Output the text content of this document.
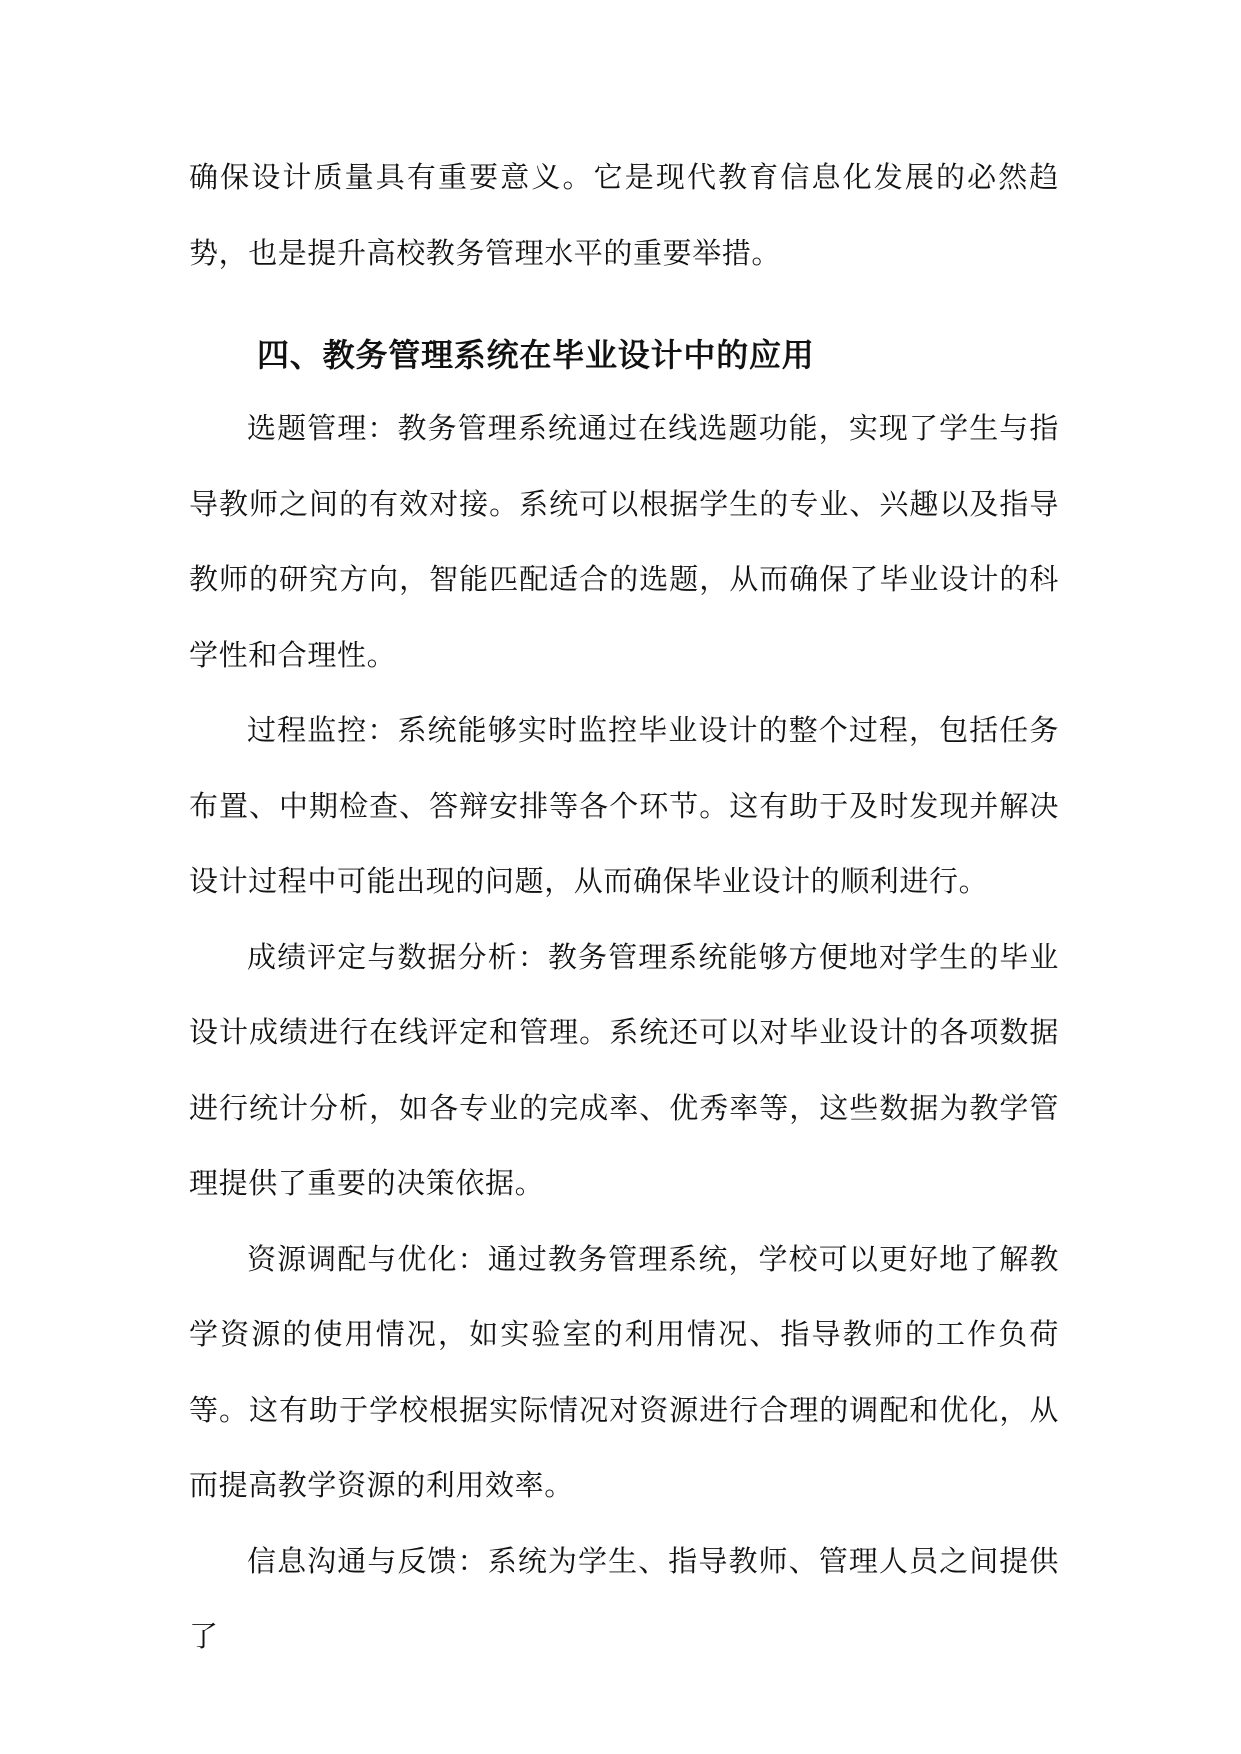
确保设计质量具有重要意义。它是现代教育信息化发展的必然趋势，也是提升高校教务管理水平的重要举措。

四、教务管理系统在毕业设计中的应用

选题管理：教务管理系统通过在线选题功能，实现了学生与指导教师之间的有效对接。系统可以根据学生的专业、兴趣以及指导教师的研究方向，智能匹配适合的选题，从而确保了毕业设计的科学性和合理性。

过程监控：系统能够实时监控毕业设计的整个过程，包括任务布置、中期检查、答辩安排等各个环节。这有助于及时发现并解决设计过程中可能出现的问题，从而确保毕业设计的顺利进行。

成绩评定与数据分析：教务管理系统能够方便地对学生的毕业设计成绩进行在线评定和管理。系统还可以对毕业设计的各项数据进行统计分析，如各专业的完成率、优秀率等，这些数据为教学管理提供了重要的决策依据。

资源调配与优化：通过教务管理系统，学校可以更好地了解教学资源的使用情况，如实验室的利用情况、指导教师的工作负荷等。这有助于学校根据实际情况对资源进行合理的调配和优化，从而提高教学资源的利用效率。

信息沟通与反馈：系统为学生、指导教师、管理人员之间提供了
